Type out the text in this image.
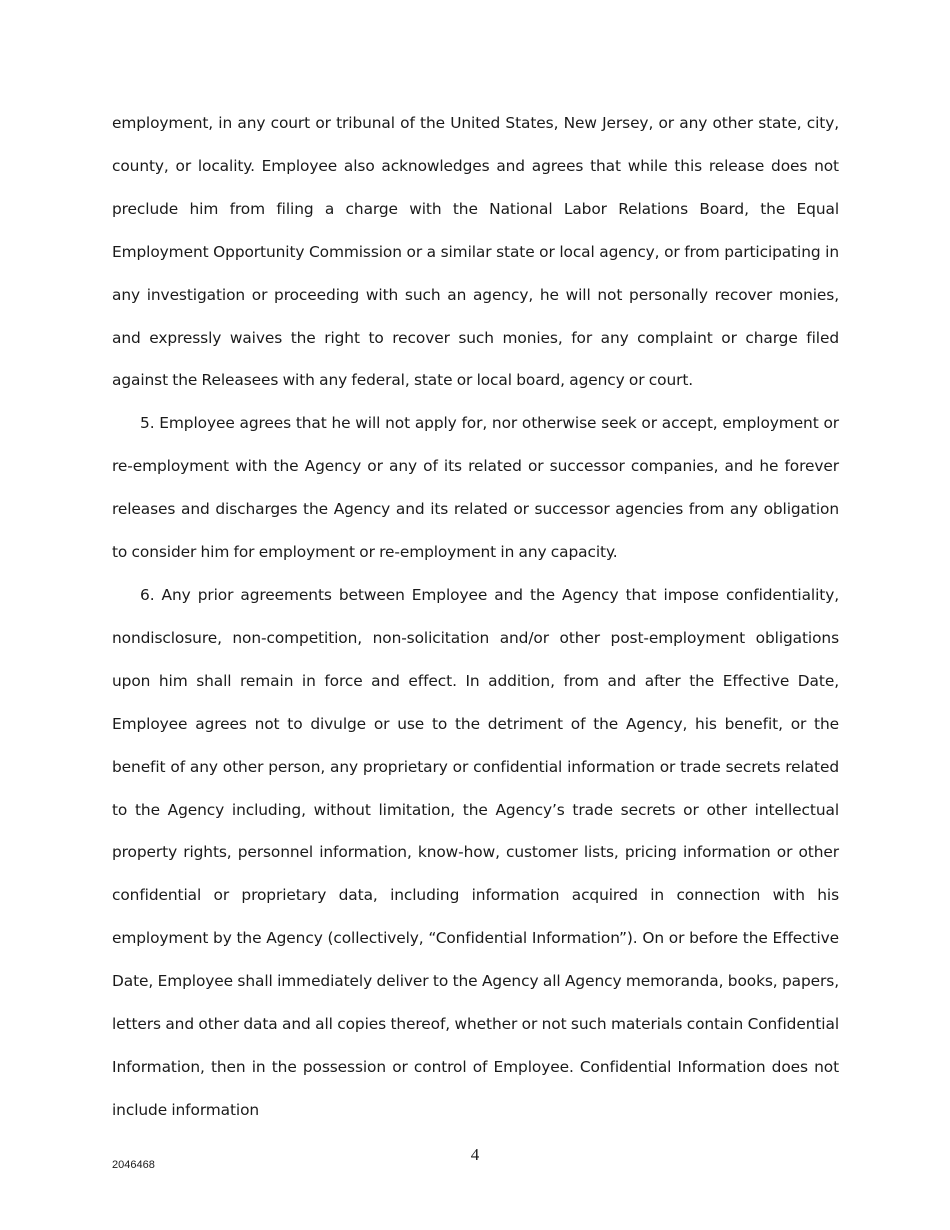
employment, in any court or tribunal of the United States, New Jersey, or any other state, city, county, or locality. Employee also acknowledges and agrees that while this release does not preclude him from filing a charge with the National Labor Relations Board, the Equal Employment Opportunity Commission or a similar state or local agency, or from participating in any investigation or proceeding with such an agency, he will not personally recover monies, and expressly waives the right to recover such monies, for any complaint or charge filed against the Releasees with any federal, state or local board, agency or court.

5. Employee agrees that he will not apply for, nor otherwise seek or accept, employment or re-employment with the Agency or any of its related or successor companies, and he forever releases and discharges the Agency and its related or successor agencies from any obligation to consider him for employment or re-employment in any capacity.

6. Any prior agreements between Employee and the Agency that impose confidentiality, nondisclosure, non-competition, non-solicitation and/or other post-employment obligations upon him shall remain in force and effect. In addition, from and after the Effective Date, Employee agrees not to divulge or use to the detriment of the Agency, his benefit, or the benefit of any other person, any proprietary or confidential information or trade secrets related to the Agency including, without limitation, the Agency’s trade secrets or other intellectual property rights, personnel information, know-how, customer lists, pricing information or other confidential or proprietary data, including information acquired in connection with his employment by the Agency (collectively, “Confidential Information”). On or before the Effective Date, Employee shall immediately deliver to the Agency all Agency memoranda, books, papers, letters and other data and all copies thereof, whether or not such materials contain Confidential Information, then in the possession or control of Employee. Confidential Information does not include information

4
2046468
